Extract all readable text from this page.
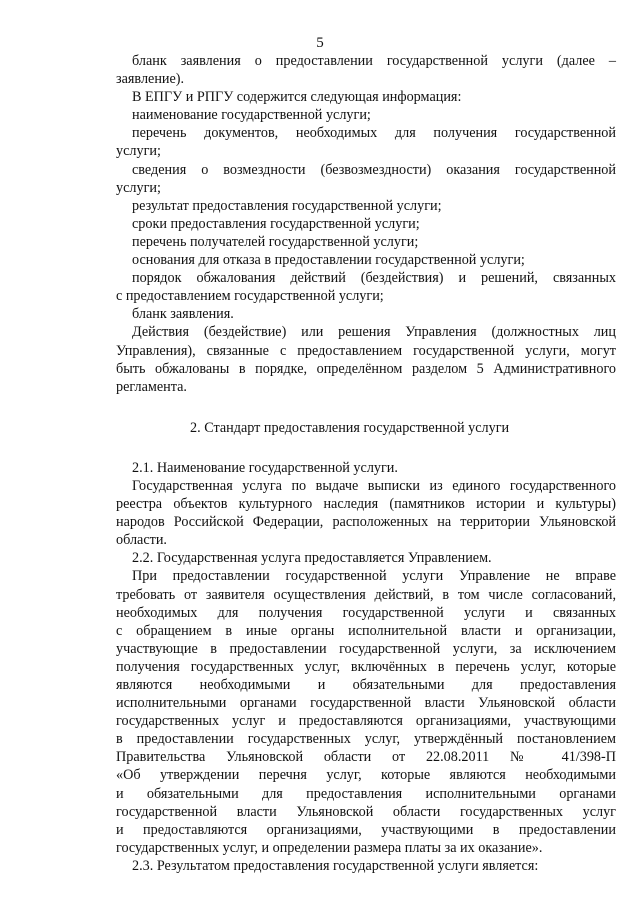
5
бланк заявления о предоставлении государственной услуги (далее –
заявление).
В ЕПГУ и РПГУ содержится следующая информация:
наименование государственной услуги;
перечень документов, необходимых для получения государственной
услуги;
сведения о возмездности (безвозмездности) оказания государственной
услуги;
результат предоставления государственной услуги;
сроки предоставления государственной услуги;
перечень получателей государственной услуги;
основания для отказа в предоставлении государственной услуги;
порядок обжалования действий (бездействия) и решений, связанных
с предоставлением государственной услуги;
бланк заявления.
Действия (бездействие) или решения Управления (должностных лиц
Управления), связанные с предоставлением государственной услуги, могут
быть обжалованы в порядке, определённом разделом 5 Административного
регламента.
2. Стандарт предоставления государственной услуги
2.1. Наименование государственной услуги.
Государственная услуга по выдаче выписки из единого государственного
реестра объектов культурного наследия (памятников истории и культуры)
народов Российской Федерации, расположенных на территории Ульяновской
области.
2.2. Государственная услуга предоставляется Управлением.
При предоставлении государственной услуги Управление не вправе
требовать от заявителя осуществления действий, в том числе согласований,
необходимых для получения государственной услуги и связанных
с обращением в иные органы исполнительной власти и организации,
участвующие в предоставлении государственной услуги, за исключением
получения государственных услуг, включённых в перечень услуг, которые
являются необходимыми и обязательными для предоставления
исполнительными органами государственной власти Ульяновской области
государственных услуг и предоставляются организациями, участвующими
в предоставлении государственных услуг, утверждённый постановлением
Правительства Ульяновской области от 22.08.2011 № 41/398-П
«Об утверждении перечня услуг, которые являются необходимыми
и обязательными для предоставления исполнительными органами
государственной власти Ульяновской области государственных услуг
и предоставляются организациями, участвующими в предоставлении
государственных услуг, и определении размера платы за их оказание».
2.3. Результатом предоставления государственной услуги является:
